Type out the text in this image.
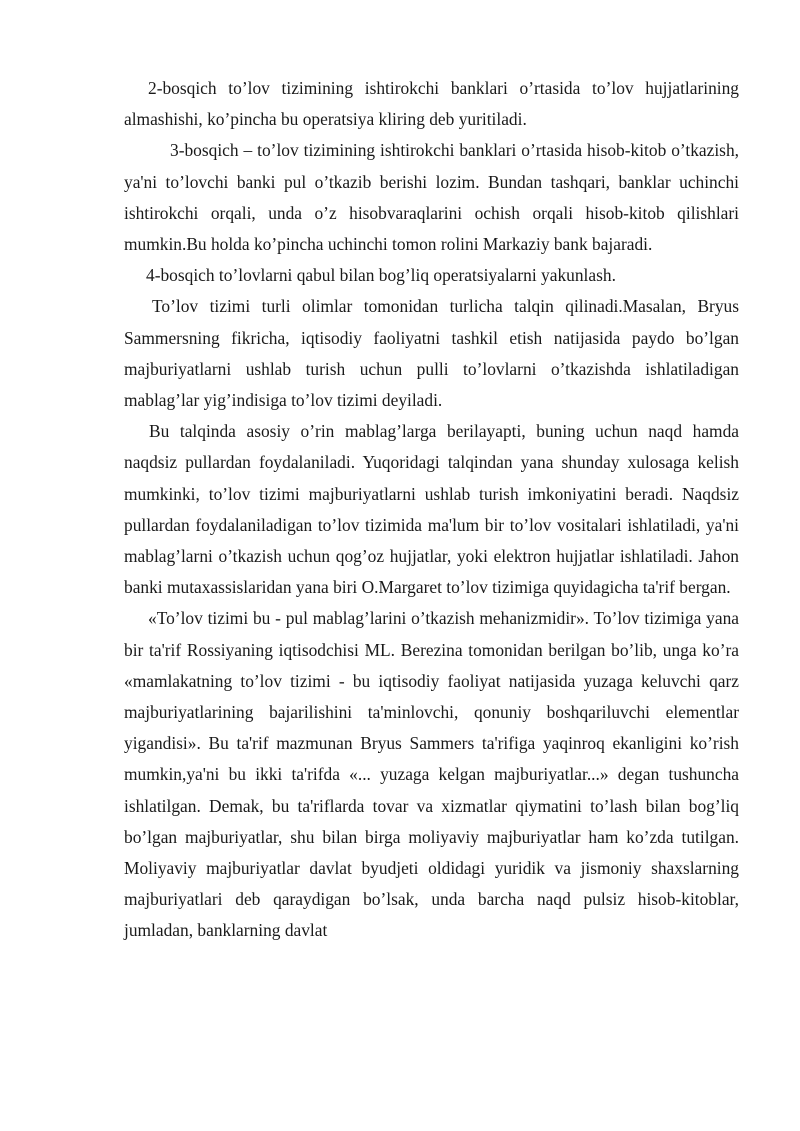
2-bosqich to’lov tizimining ishtirokchi banklari o’rtasida to’lov hujjatlarining almashishi, ko’pincha bu operatsiya kliring deb yuritiladi.

3-bosqich – to’lov tizimining ishtirokchi banklari o’rtasida hisob-kitob o’tkazish, ya'ni to’lovchi banki pul o’tkazib berishi lozim. Bundan tashqari, banklar uchinchi ishtirokchi orqali, unda o’z hisobvaraqlarini ochish orqali hisob-kitob qilishlari mumkin.Bu holda ko’pincha uchinchi tomon rolini Markaziy bank bajaradi.

4-bosqich to’lovlarni qabul bilan bog’liq operatsiyalarni yakunlash.

To’lov tizimi turli olimlar tomonidan turlicha talqin qilinadi.Masalan, Bryus Sammersning fikricha, iqtisodiy faoliyatni tashkil etish natijasida paydo bo’lgan majburiyatlarni ushlab turish uchun pulli to’lovlarni o’tkazishda ishlatiladigan mablag’lar yig’indisiga to’lov tizimi deyiladi.

Bu talqinda asosiy o’rin mablag’larga berilayapti, buning uchun naqd hamda naqdsiz pullardan foydalaniladi. Yuqoridagi talqindan yana shunday xulosaga kelish mumkinki, to’lov tizimi majburiyatlarni ushlab turish imkoniyatini beradi. Naqdsiz pullardan foydalaniladigan to’lov tizimida ma'lum bir to’lov vositalari ishlatiladi, ya'ni mablag’larni o’tkazish uchun qog’oz hujjatlar, yoki elektron hujjatlar ishlatiladi. Jahon banki mutaxassislaridan yana biri O.Margaret to’lov tizimiga quyidagicha ta'rif bergan.

«To’lov tizimi bu - pul mablag’larini o’tkazish mehanizmidir». To’lov tizimiga yana bir ta'rif Rossiyaning iqtisodchisi ML. Berezina tomonidan berilgan bo’lib, unga ko’ra «mamlakatning to’lov tizimi - bu iqtisodiy faoliyat natijasida yuzaga keluvchi qarz majburiyatlarining bajarilishini ta'minlovchi, qonuniy boshqariluvchi elementlar yigandisi». Bu ta'rif mazmunan Bryus Sammers ta'rifiga yaqinroq ekanligini ko’rish mumkin,ya'ni bu ikki ta'rifda «... yuzaga kelgan majburiyatlar...» degan tushuncha ishlatilgan. Demak, bu ta'riflarda tovar va xizmatlar qiymatini to’lash bilan bog’liq bo’lgan majburiyatlar, shu bilan birga moliyaviy majburiyatlar ham ko’zda tutilgan. Moliyaviy majburiyatlar davlat byudjeti oldidagi yuridik va jismoniy shaxslarning majburiyatlari deb qaraydigan bo’lsak, unda barcha naqd pulsiz hisob-kitoblar, jumladan, banklarning davlat
